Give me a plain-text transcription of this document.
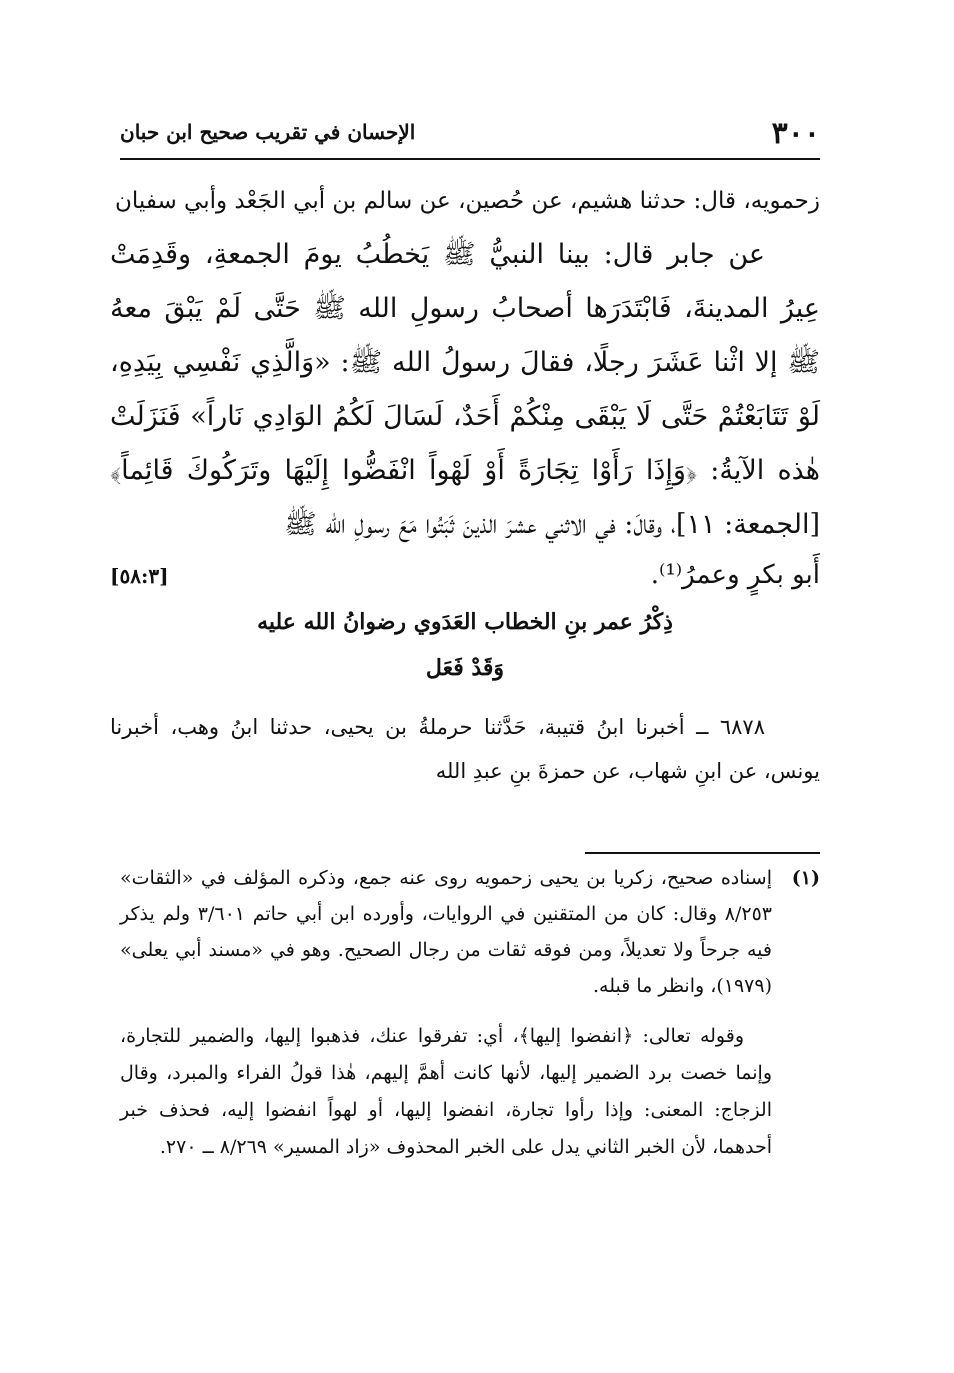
٣٠٠
الإحسان في تقريب صحيح ابن حبان

زحمويه، قال: حدثنا هشيم، عن حُصين، عن سالم بن أبي الجَعْد وأبي سفيان

عن جابر قال: بينا النبيُّ ﷺ يَخطُبُ يومَ الجمعةِ، وقَدِمَتْ عِيرُ المدينةَ، فَابْتَدَرَها أصحابُ رسولِ الله ﷺ حَتَّى لَمْ يَبْقَ معهُ ﷺ إلا اثْنا عَشَرَ رجلًا، فقالَ رسولُ الله ﷺ: «وَالَّذِي نَفْسِي بِيَدِهِ، لَوْ تَتَابَعْتُمْ حَتَّى لَا يَبْقَى مِنْكُمْ أَحَدٌ، لَسَالَ لَكُمُ الوَادِي نَاراً» فَنَزَلَتْ هٰذه الآيةُ: ﴿وَإِذَا رَأَوْا تِجَارَةً أَوْ لَهْواً انْفَضُّوا إِلَيْهَا وتَرَكُوكَ قَائِماً﴾ [الجمعة: ١١]، وقالَ: في الاثني عشرَ الذينَ ثَبَتُوا مَعَ رسولِ الله ﷺ

أَبو بكرٍ وعمرُ⁽¹⁾.
[٥٨:٣]

ذِكْرُ عمر بنِ الخطاب العَدَوي رضوانُ الله عليه

وَقَدْ فَعَل

٦٨٧٨ ــ أخبرنا ابنُ قتيبة، حَدَّثنا حرملةُ بن يحيى، حدثنا ابنُ وهب، أخبرنا يونس، عن ابنِ شهاب، عن حمزةَ بنِ عبدِ الله

(١)

إسناده صحيح، زكريا بن يحيى زحمويه روى عنه جمع، وذكره المؤلف في «الثقات» ٨/٢٥٣ وقال: كان من المتقنين في الروايات، وأورده ابن أبي حاتم ٣/٦٠١ ولم يذكر فيه جرحاً ولا تعديلاً، ومن فوقه ثقات من رجال الصحيح. وهو في «مسند أبي يعلى» (١٩٧٩)، وانظر ما قبله.

وقوله تعالى: ﴿انفضوا إليها﴾، أي: تفرقوا عنك، فذهبوا إليها، والضمير للتجارة، وإنما خصت برد الضمير إليها، لأنها كانت أهمَّ إليهم، هٰذا قولُ الفراء والمبرد، وقال الزجاج: المعنى: وإذا رأوا تجارة، انفضوا إليها، أو لهواً انفضوا إليه، فحذف خبر أحدهما، لأن الخبر الثاني يدل على الخبر المحذوف «زاد المسير» ٨/٢٦٩ ــ ٢٧٠.
